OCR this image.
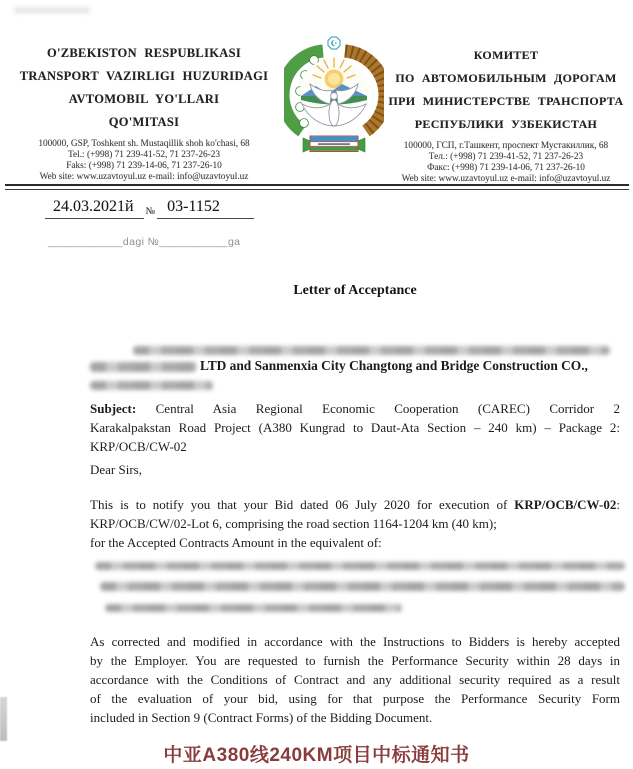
O'ZBEKISTON RESPUBLIKASI
TRANSPORT VAZIRLIGI HUZURIDAGI
AVTOMOBIL YO'LLARI
QO'MITASI
100000, GSP, Toshkent sh. Mustaqillik shoh ko'chasi, 68
Tel.: (+998) 71 239-41-52, 71 237-26-23
Faks: (+998) 71 239-14-06, 71 237-26-10
Web site: www.uzavtoyul.uz e-mail: info@uzavtoyul.uz
КОМИТЕТ
ПО АВТОМОБИЛЬНЫМ ДОРОГАМ
ПРИ МИНИСТЕРСТВЕ ТРАНСПОРТА
РЕСПУБЛИКИ УЗБЕКИСТАН
100000, ГСП, г.Ташкент, проспект Мустакиллик, 68
Тел.: (+998) 71 239-41-52, 71 237-26-23
Факс: (+998) 71 239-14-06, 71 237-26-10
Web site: www.uzavtoyul.uz e-mail: info@uzavtoyul.uz
24.03.2021й № 03-1152
____________dagi №___________ga
Letter of Acceptance
LTD and Sanmenxia City Changtong and Bridge Construction CO.,
Subject: Central Asia Regional Economic Cooperation (CAREC) Corridor 2
Karakalpakstan Road Project (A380 Kungrad to Daut-Ata Section – 240 km) – Package 2:
KRP/OCB/CW-02
Dear Sirs,
This is to notify you that your Bid dated 06 July 2020 for execution of KRP/OCB/CW-02:
KRP/OCB/CW/02-Lot 6, comprising the road section 1164-1204 km (40 km);
for the Accepted Contracts Amount in the equivalent of:
As corrected and modified in accordance with the Instructions to Bidders is hereby accepted
by the Employer. You are requested to furnish the Performance Security within 28 days in
accordance with the Conditions of Contract and any additional security required as a result
of the evaluation of your bid, using for that purpose the Performance Security Form
included in Section 9 (Contract Forms) of the Bidding Document.
中亚A380线240KM项目中标通知书
